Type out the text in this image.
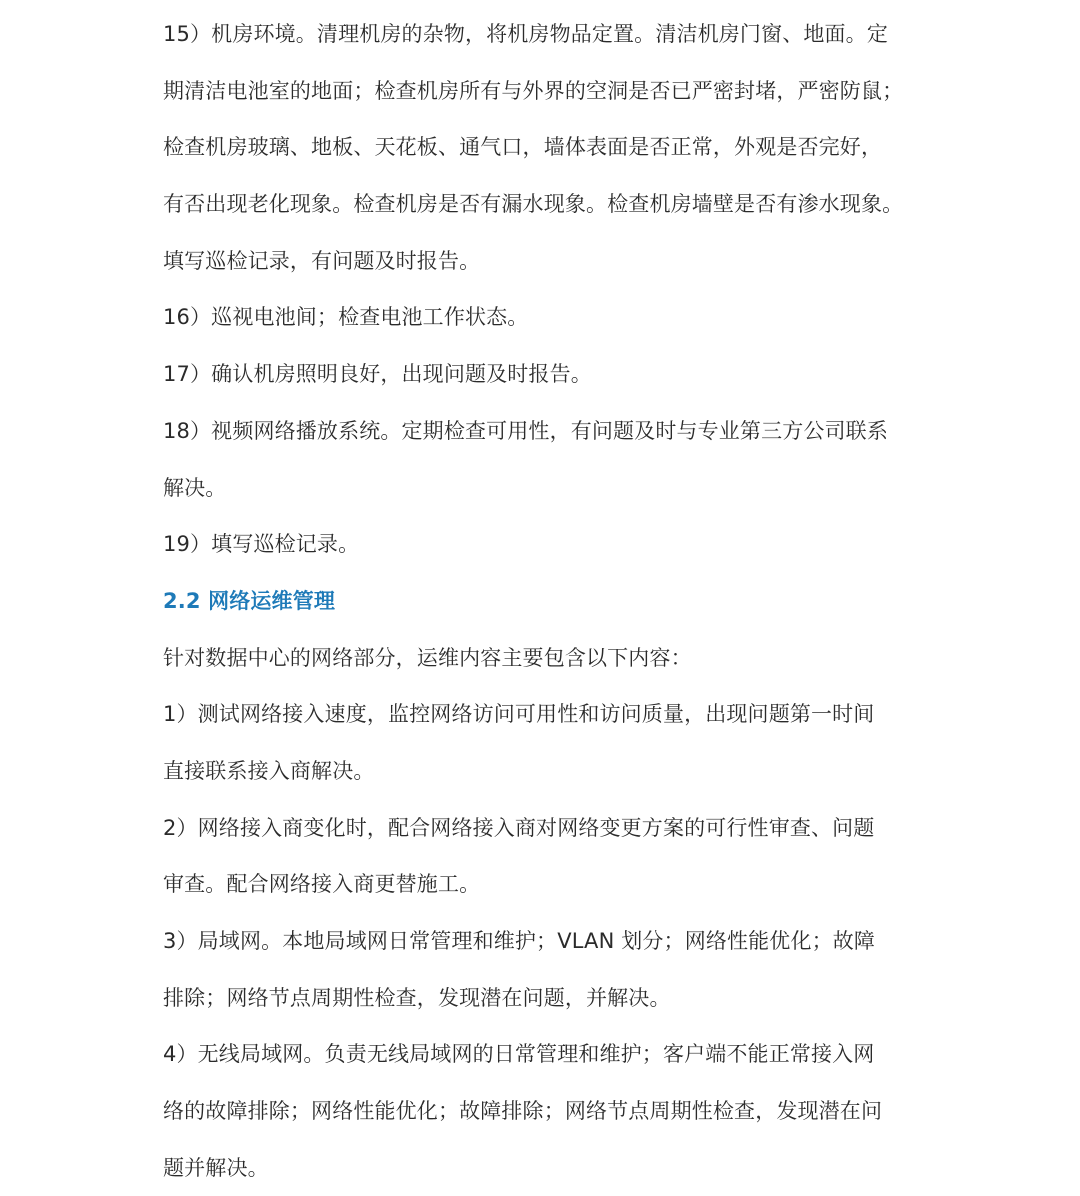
15）机房环境。清理机房的杂物，将机房物品定置。清洁机房门窗、地面。定
期清洁电池室的地面；检查机房所有与外界的空洞是否已严密封堵，严密防鼠；
检查机房玻璃、地板、天花板、通气口，墙体表面是否正常，外观是否完好，
有否出现老化现象。检查机房是否有漏水现象。检查机房墙壁是否有渗水现象。
填写巡检记录，有问题及时报告。
16）巡视电池间；检查电池工作状态。
17）确认机房照明良好，出现问题及时报告。
18）视频网络播放系统。定期检查可用性，有问题及时与专业第三方公司联系
解决。
19）填写巡检记录。
2.2 网络运维管理
针对数据中心的网络部分，运维内容主要包含以下内容：
1）测试网络接入速度，监控网络访问可用性和访问质量，出现问题第一时间
直接联系接入商解决。
2）网络接入商变化时，配合网络接入商对网络变更方案的可行性审查、问题
审查。配合网络接入商更替施工。
3）局域网。本地局域网日常管理和维护；VLAN 划分；网络性能优化；故障
排除；网络节点周期性检查，发现潜在问题，并解决。
4）无线局域网。负责无线局域网的日常管理和维护；客户端不能正常接入网
络的故障排除；网络性能优化；故障排除；网络节点周期性检查，发现潜在问
题并解决。
